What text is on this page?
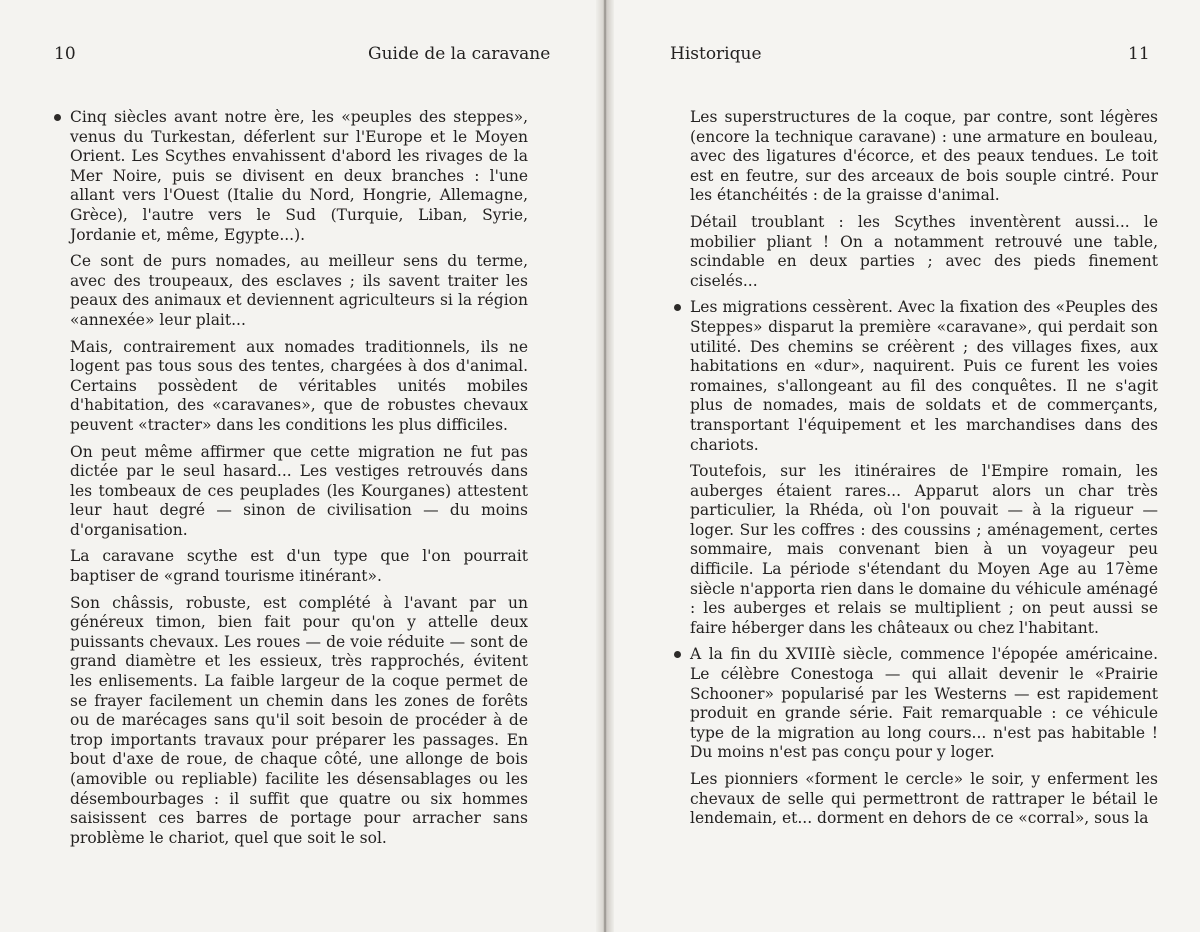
10	Guide de la caravane

Cinq siècles avant notre ère, les «peuples des steppes», venus du Turkestan, déferlent sur l'Europe et le Moyen Orient. Les Scythes envahissent d'abord les rivages de la Mer Noire, puis se divisent en deux branches : l'une allant vers l'Ouest (Italie du Nord, Hongrie, Allemagne, Grèce), l'autre vers le Sud (Turquie, Liban, Syrie, Jordanie et, même, Egypte...).

Ce sont de purs nomades, au meilleur sens du terme, avec des troupeaux, des esclaves ; ils savent traiter les peaux des animaux et deviennent agriculteurs si la région «annexée» leur plait...

Mais, contrairement aux nomades traditionnels, ils ne logent pas tous sous des tentes, chargées à dos d'animal. Certains possèdent de véritables unités mobiles d'habitation, des «caravanes», que de robustes chevaux peuvent «tracter» dans les conditions les plus difficiles.

On peut même affirmer que cette migration ne fut pas dictée par le seul hasard... Les vestiges retrouvés dans les tombeaux de ces peuplades (les Kourganes) attestent leur haut degré — sinon de civilisation — du moins d'organisation.

La caravane scythe est d'un type que l'on pourrait baptiser de «grand tourisme itinérant».

Son châssis, robuste, est complété à l'avant par un généreux timon, bien fait pour qu'on y attelle deux puissants chevaux. Les roues — de voie réduite — sont de grand diamètre et les essieux, très rapprochés, évitent les enlisements. La faible largeur de la coque permet de se frayer facilement un chemin dans les zones de forêts ou de marécages sans qu'il soit besoin de procéder à de trop importants travaux pour préparer les passages. En bout d'axe de roue, de chaque côté, une allonge de bois (amovible ou repliable) facilite les désensablages ou les désembourbages : il suffit que quatre ou six hommes saisissent ces barres de portage pour arracher sans problème le chariot, quel que soit le sol.

Historique	11

Les superstructures de la coque, par contre, sont légères (encore la technique caravane) : une armature en bouleau, avec des ligatures d'écorce, et des peaux tendues. Le toit est en feutre, sur des arceaux de bois souple cintré. Pour les étanchéités : de la graisse d'animal.

Détail troublant : les Scythes inventèrent aussi... le mobilier pliant ! On a notamment retrouvé une table, scindable en deux parties ; avec des pieds finement ciselés...

Les migrations cessèrent. Avec la fixation des «Peuples des Steppes» disparut la première «caravane», qui perdait son utilité. Des chemins se créèrent ; des villages fixes, aux habitations en «dur», naquirent. Puis ce furent les voies romaines, s'allongeant au fil des conquêtes. Il ne s'agit plus de nomades, mais de soldats et de commerçants, transportant l'équipement et les marchandises dans des chariots.

Toutefois, sur les itinéraires de l'Empire romain, les auberges étaient rares... Apparut alors un char très particulier, la Rhéda, où l'on pouvait — à la rigueur — loger. Sur les coffres : des coussins ; aménagement, certes sommaire, mais convenant bien à un voyageur peu difficile. La période s'étendant du Moyen Age au 17ème siècle n'apporta rien dans le domaine du véhicule aménagé : les auberges et relais se multiplient ; on peut aussi se faire héberger dans les châteaux ou chez l'habitant.

A la fin du XVIIIè siècle, commence l'épopée américaine. Le célèbre Conestoga — qui allait devenir le «Prairie Schooner» popularisé par les Westerns — est rapidement produit en grande série. Fait remarquable : ce véhicule type de la migration au long cours... n'est pas habitable ! Du moins n'est pas conçu pour y loger.

Les pionniers «forment le cercle» le soir, y enferment les chevaux de selle qui permettront de rattraper le bétail le lendemain, et... dorment en dehors de ce «corral», sous la
